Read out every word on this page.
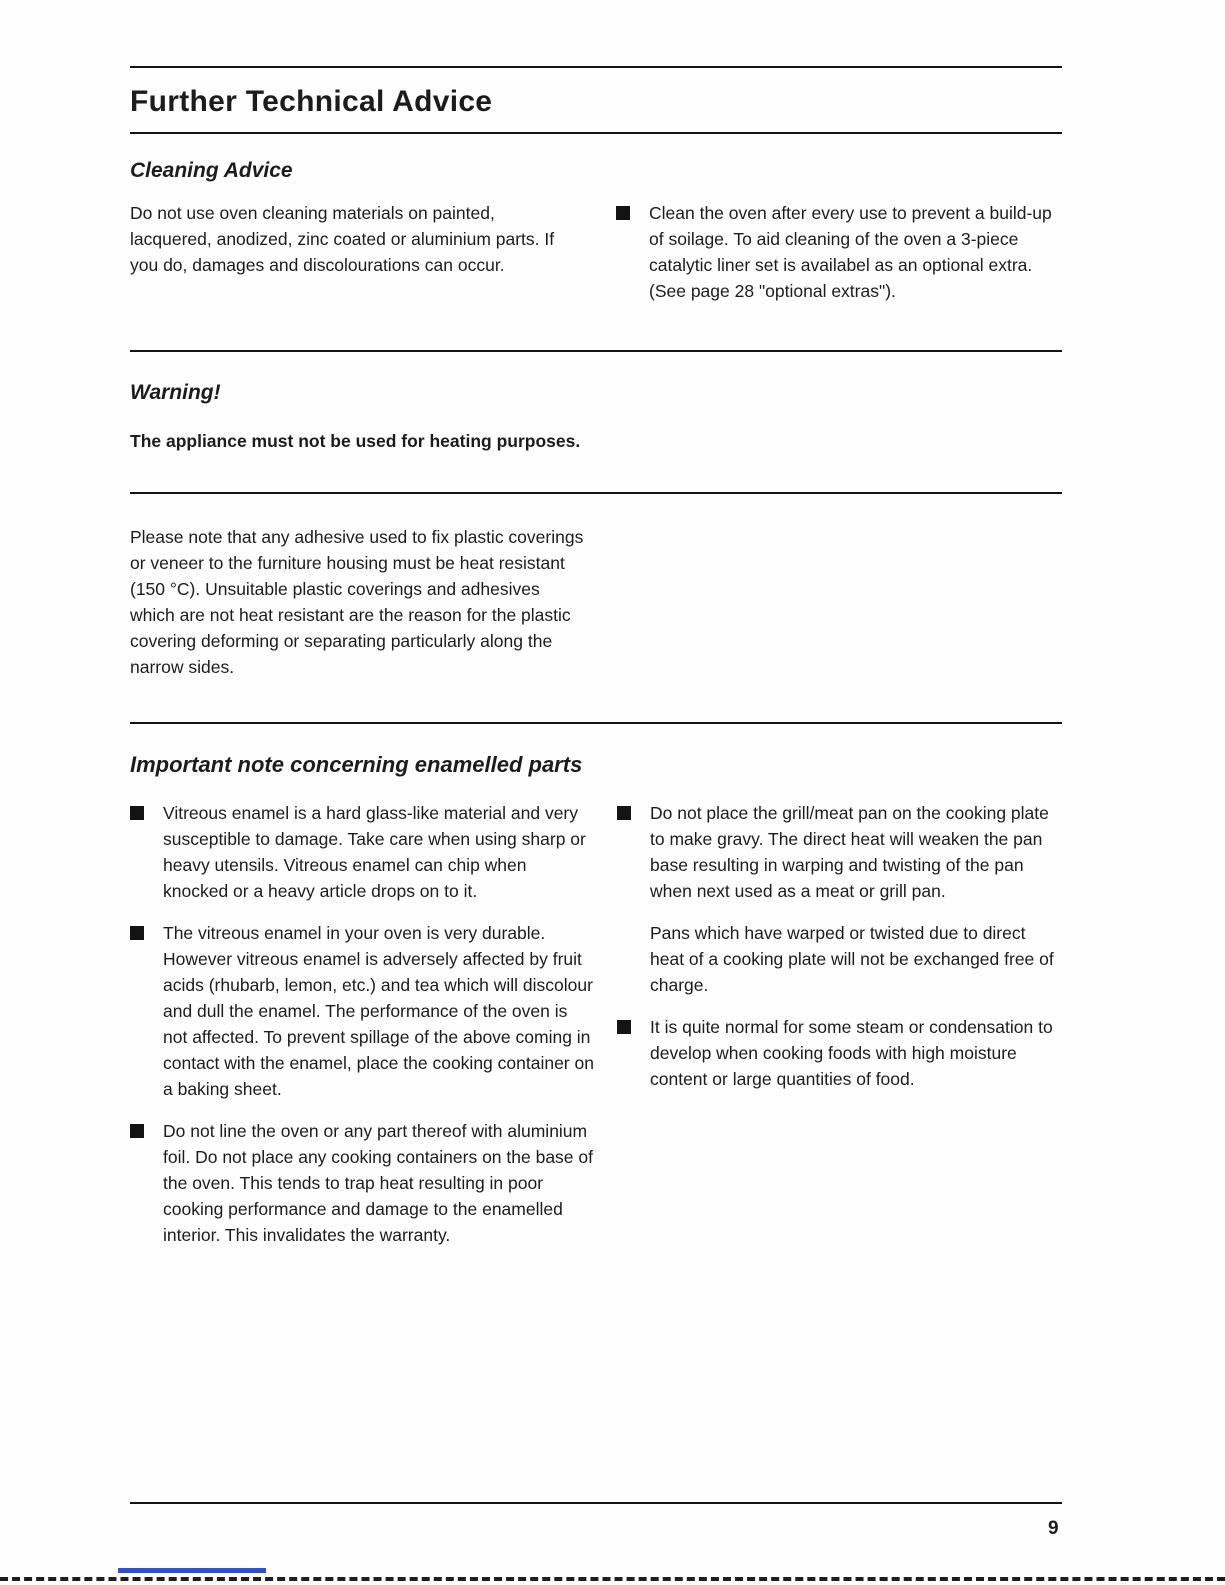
Further Technical Advice
Cleaning Advice

Do not use oven cleaning materials on painted, lacquered, anodized, zinc coated or aluminium parts. If you do, damages and discolourations can occur.

Clean the oven after every use to prevent a build-up of soilage. To aid cleaning of the oven a 3-piece catalytic liner set is availabel as an optional extra. (See page 28 "optional extras").
Warning!

The appliance must not be used for heating purposes.

Please note that any adhesive used to fix plastic coverings or veneer to the furniture housing must be heat resistant (150 °C). Unsuitable plastic coverings and adhesives which are not heat resistant are the reason for the plastic covering deforming or separating particularly along the narrow sides.

Important note concerning enamelled parts
Vitreous enamel is a hard glass-like material and very susceptible to damage. Take care when using sharp or heavy utensils. Vitreous enamel can chip when knocked or a heavy article drops on to it.
The vitreous enamel in your oven is very durable. However vitreous enamel is adversely affected by fruit acids (rhubarb, lemon, etc.) and tea which will discolour and dull the enamel. The performance of the oven is not affected. To prevent spillage of the above coming in contact with the enamel, place the cooking container on a baking sheet.
Do not line the oven or any part thereof with aluminium foil. Do not place any cooking containers on the base of the oven. This tends to trap heat resulting in poor cooking performance and damage to the enamelled interior. This invalidates the warranty.
Do not place the grill/meat pan on the cooking plate to make gravy. The direct heat will weaken the pan base resulting in warping and twisting of the pan when next used as a meat or grill pan.
Pans which have warped or twisted due to direct heat of a cooking plate will not be exchanged free of charge.
It is quite normal for some steam or condensation to develop when cooking foods with high moisture content or large quantities of food.
9
